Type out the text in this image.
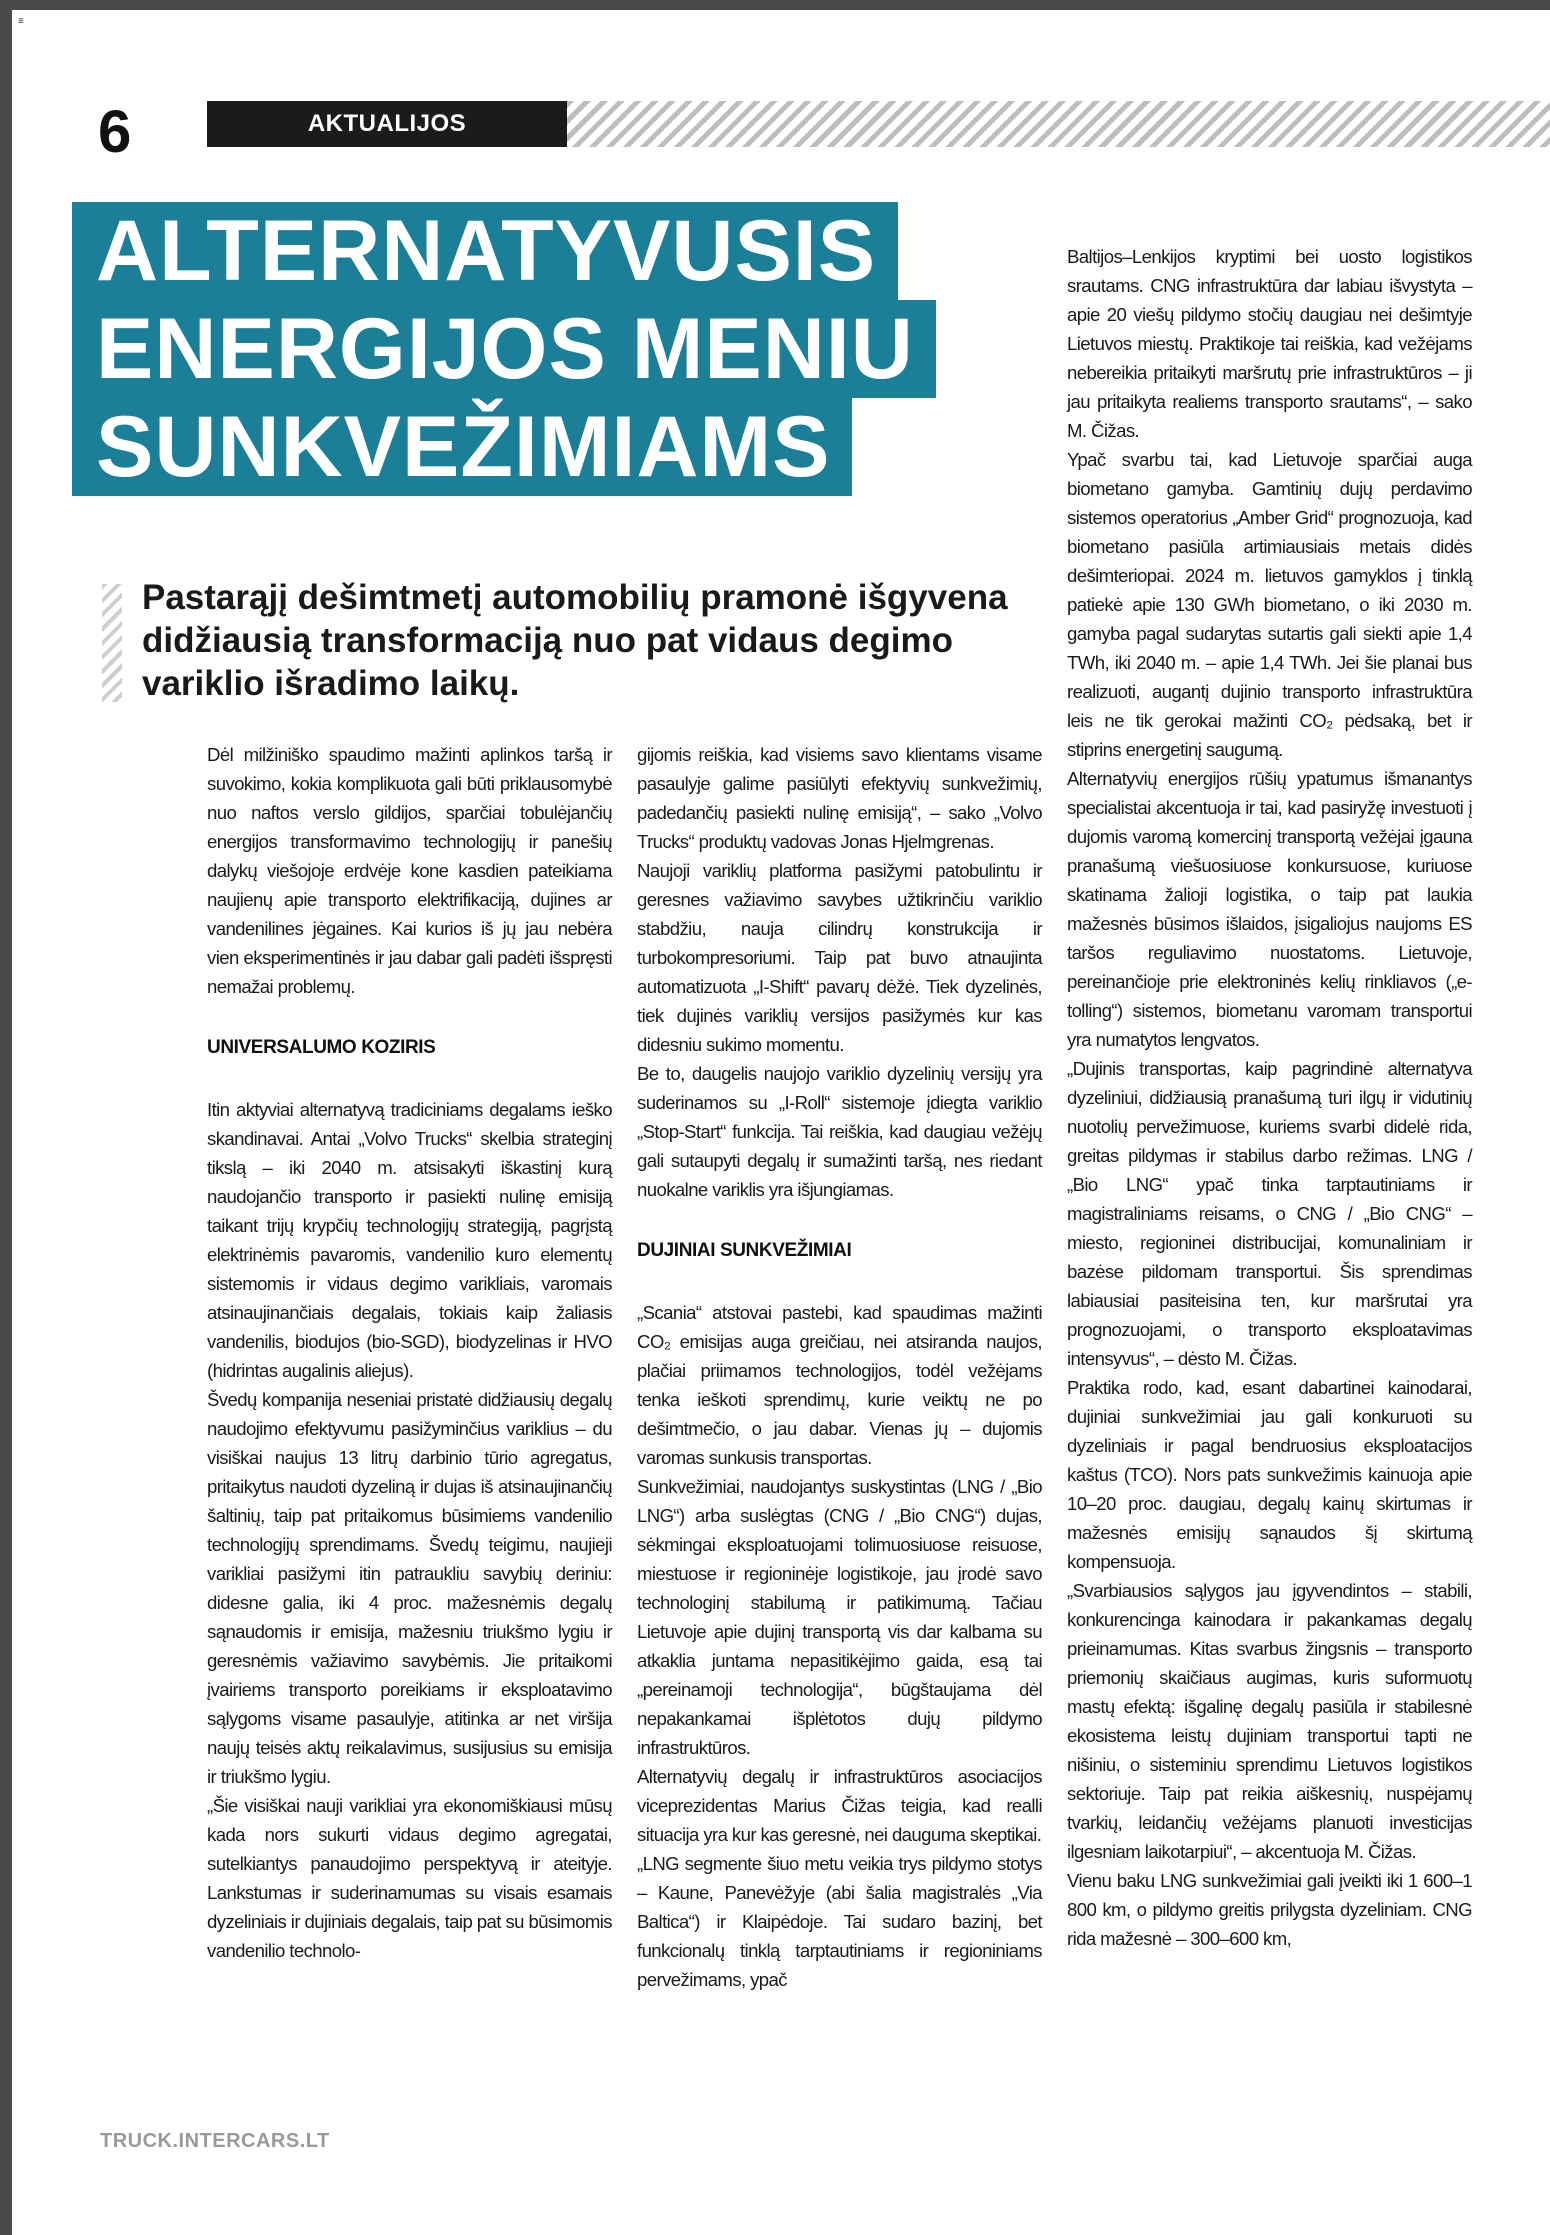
≡
6	AKTUALIJOS
ALTERNATYVUSIS
ENERGIJOS MENIU
SUNKVEŽIMIAMS
Pastarąjį dešimtmetį automobilių pramonė išgyvena didžiausią transformaciją nuo pat vidaus degimo variklio išradimo laikų.

Dėl milžiniško spaudimo mažinti aplinkos taršą ir suvokimo, kokia komplikuota gali būti priklausomybė nuo naftos verslo gildijos, sparčiai tobulėjančių energijos transformavimo technologijų ir panešių dalykų viešojoje erdvėje kone kasdien pateikiama naujienų apie transporto elektrifikaciją, dujines ar vandenilines jėgaines. Kai kurios iš jų jau nebėra vien eksperimentinės ir jau dabar gali padėti išspręsti nemažai problemų.

UNIVERSALUMO KOZIRIS

Itin aktyviai alternatyvą tradiciniams degalams ieško skandinavai. Antai „Volvo Trucks“ skelbia strateginį tikslą – iki 2040 m. atsisakyti iškastinį kurą naudojančio transporto ir pasiekti nulinę emisiją taikant trijų krypčių technologijų strategiją, pagrįstą elektrinėmis pavaromis, vandenilio kuro elementų sistemomis ir vidaus degimo varikliais, varomais atsinaujinančiais degalais, tokiais kaip žaliasis vandenilis, biodujos (bio-SGD), biodyzelinas ir HVO (hidrintas augalinis aliejus).

Švedų kompanija neseniai pristatė didžiausių degalų naudojimo efektyvumu pasižyminčius variklius – du visiškai naujus 13 litrų darbinio tūrio agregatus, pritaikytus naudoti dyzeliną ir dujas iš atsinaujinančių šaltinių, taip pat pritaikomus būsimiems vandenilio technologijų sprendimams. Švedų teigimu, naujieji varikliai pasižymi itin patraukliu savybių deriniu: didesne galia, iki 4 proc. mažesnėmis degalų sąnaudomis ir emisija, mažesniu triukšmo lygiu ir geresnėmis važiavimo savybėmis. Jie pritaikomi įvairiems transporto poreikiams ir eksploatavimo sąlygoms visame pasaulyje, atitinka ar net viršija naujų teisės aktų reikalavimus, susijusius su emisija ir triukšmo lygiu.

„Šie visiškai nauji varikliai yra ekonomiškiausi mūsų kada nors sukurti vidaus degimo agregatai, sutelkiantys panaudojimo perspektyvą ir ateityje. Lankstumas ir suderinamumas su visais esamais dyzeliniais ir dujiniais degalais, taip pat su būsimomis vandenilio technolo-

gijomis reiškia, kad visiems savo klientams visame pasaulyje galime pasiūlyti efektyvių sunkvežimių, padedančių pasiekti nulinę emisiją“, – sako „Volvo Trucks“ produktų vadovas Jonas Hjelmgrenas.

Naujoji variklių platforma pasižymi patobulintu ir geresnes važiavimo savybes užtikrinčiu variklio stabdžiu, nauja cilindrų konstrukcija ir turbokompresoriumi. Taip pat buvo atnaujinta automatizuota „I-Shift“ pavarų dėžė. Tiek dyzelinės, tiek dujinės variklių versijos pasižymės kur kas didesniu sukimo momentu.

Be to, daugelis naujojo variklio dyzelinių versijų yra suderinamos su „I-Roll“ sistemoje įdiegta variklio „Stop-Start“ funkcija. Tai reiškia, kad daugiau vežėjų gali sutaupyti degalų ir sumažinti taršą, nes riedant nuokalne variklis yra išjungiamas.

DUJINIAI SUNKVEŽIMIAI

„Scania“ atstovai pastebi, kad spaudimas mažinti CO₂ emisijas auga greičiau, nei atsiranda naujos, plačiai priimamos technologijos, todėl vežėjams tenka ieškoti sprendimų, kurie veiktų ne po dešimtmečio, o jau dabar. Vienas jų – dujomis varomas sunkusis transportas.

Sunkvežimiai, naudojantys suskystintas (LNG / „Bio LNG“) arba suslėgtas (CNG / „Bio CNG“) dujas, sėkmingai eksploatuojami tolimuosiuose reisuose, miestuose ir regioninėje logistikoje, jau įrodė savo technologinį stabilumą ir patikimumą. Tačiau Lietuvoje apie dujinį transportą vis dar kalbama su atkaklia juntama nepasitikėjimo gaida, esą tai „pereinamoji technologija“, būgštaujama dėl nepakankamai išplėtotos dujų pildymo infrastruktūros.

Alternatyvių degalų ir infrastruktūros asociacijos viceprezidentas Marius Čižas teigia, kad realli situacija yra kur kas geresnė, nei dauguma skeptikai.

„LNG segmente šiuo metu veikia trys pildymo stotys – Kaune, Panevėžyje (abi šalia magistralės „Via Baltica“) ir Klaipėdoje. Tai sudaro bazinį, bet funkcionalų tinklą tarptautiniams ir regioniniams pervežimams, ypač

Baltijos–Lenkijos kryptimi bei uosto logistikos srautams. CNG infrastruktūra dar labiau išvystyta – apie 20 viešų pildymo stočių daugiau nei dešimtyje Lietuvos miestų. Praktikoje tai reiškia, kad vežėjams nebereikia pritaikyti maršrutų prie infrastruktūros – ji jau pritaikyta realiems transporto srautams“, – sako M. Čižas.

Ypač svarbu tai, kad Lietuvoje sparčiai auga biometano gamyba. Gamtinių dujų perdavimo sistemos operatorius „Amber Grid“ prognozuoja, kad biometano pasiūla artimiausiais metais didės dešimteriopai. 2024 m. lietuvos gamyklos į tinklą patiekė apie 130 GWh biometano, o iki 2030 m. gamyba pagal sudarytas sutartis gali siekti apie 1,4 TWh, iki 2040 m. – apie 1,4 TWh. Jei šie planai bus realizuoti, augantį dujinio transporto infrastruktūra leis ne tik gerokai mažinti CO₂ pėdsaką, bet ir stiprins energetinį saugumą.

Alternatyvių energijos rūšių ypatumus išmanantys specialistai akcentuoja ir tai, kad pasiryžę investuoti į dujomis varomą komercinį transportą vežėjai įgauna pranašumą viešuosiuose konkursuose, kuriuose skatinama žalioji logistika, o taip pat laukia mažesnės būsimos išlaidos, įsigaliojus naujoms ES taršos reguliavimo nuostatoms. Lietuvoje, pereinančioje prie elektroninės kelių rinkliavos („e-tolling“) sistemos, biometanu varomam transportui yra numatytos lengvatos.

„Dujinis transportas, kaip pagrindinė alternatyva dyzeliniui, didžiausią pranašumą turi ilgų ir vidutinių nuotolių pervežimuose, kuriems svarbi didelė rida, greitas pildymas ir stabilus darbo režimas. LNG / „Bio LNG“ ypač tinka tarptautiniams ir magistraliniams reisams, o CNG / „Bio CNG“ – miesto, regioninei distribucijai, komunaliniam ir bazėse pildomam transportui. Šis sprendimas labiausiai pasiteisina ten, kur maršrutai yra prognozuojami, o transporto eksploatavimas intensyvus“, – dėsto M. Čižas.

Praktika rodo, kad, esant dabartinei kainodarai, dujiniai sunkvežimiai jau gali konkuruoti su dyzeliniais ir pagal bendruosius eksploatacijos kaštus (TCO). Nors pats sunkvežimis kainuoja apie 10–20 proc. daugiau, degalų kainų skirtumas ir mažesnės emisijų sąnaudos šį skirtumą kompensuoja.

„Svarbiausios sąlygos jau įgyvendintos – stabili, konkurencinga kainodara ir pakankamas degalų prieinamumas. Kitas svarbus žingsnis – transporto priemonių skaičiaus augimas, kuris suformuotų mastų efektą: išgalinę degalų pasiūla ir stabilesnė ekosistema leistų dujiniam transportui tapti ne nišiniu, o sisteminiu sprendimu Lietuvos logistikos sektoriuje. Taip pat reikia aiškesnių, nuspėjamų tvarkių, leidančių vežėjams planuoti investicijas ilgesniam laikotarpiui“, – akcentuoja M. Čižas.

Vienu baku LNG sunkvežimiai gali įveikti iki 1 600–1 800 km, o pildymo greitis prilygsta dyzeliniam. CNG rida mažesnė – 300–600 km,

TRUCK.INTERCARS.LT
